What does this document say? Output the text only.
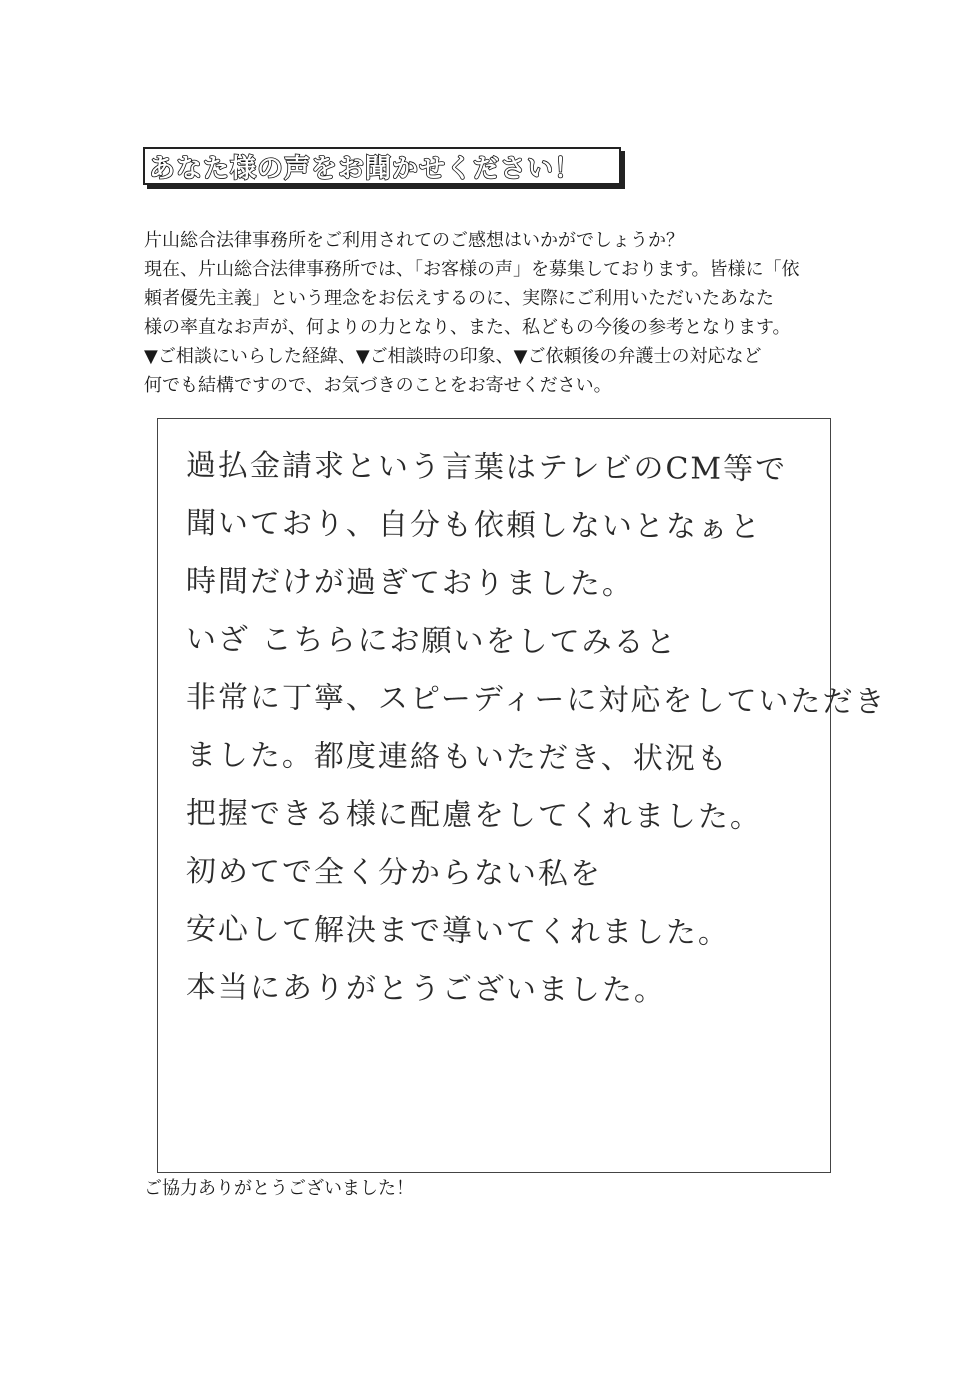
あなた様の声をお聞かせください！
片山総合法律事務所をご利用されてのご感想はいかがでしょうか？
現在、片山総合法律事務所では、「お客様の声」を募集しております。皆様に「依
頼者優先主義」という理念をお伝えするのに、実際にご利用いただいたあなた
様の率直なお声が、何よりの力となり、また、私どもの今後の参考となります。
▼ご相談にいらした経緯、▼ご相談時の印象、▼ご依頼後の弁護士の対応など
何でも結構ですので、お気づきのことをお寄せください。
過払金請求という言葉はテレビのCM等で
聞いており、自分も依頼しないとなぁと
時間だけが過ぎておりました。
いざ こちらにお願いをしてみると
非常に丁寧、スピーディーに対応をしていただき
ました。都度連絡もいただき、状況も
把握できる様に配慮をしてくれました。
初めてで全く分からない私を
安心して解決まで導いてくれました。
本当にありがとうございました。
ご協力ありがとうございました！
